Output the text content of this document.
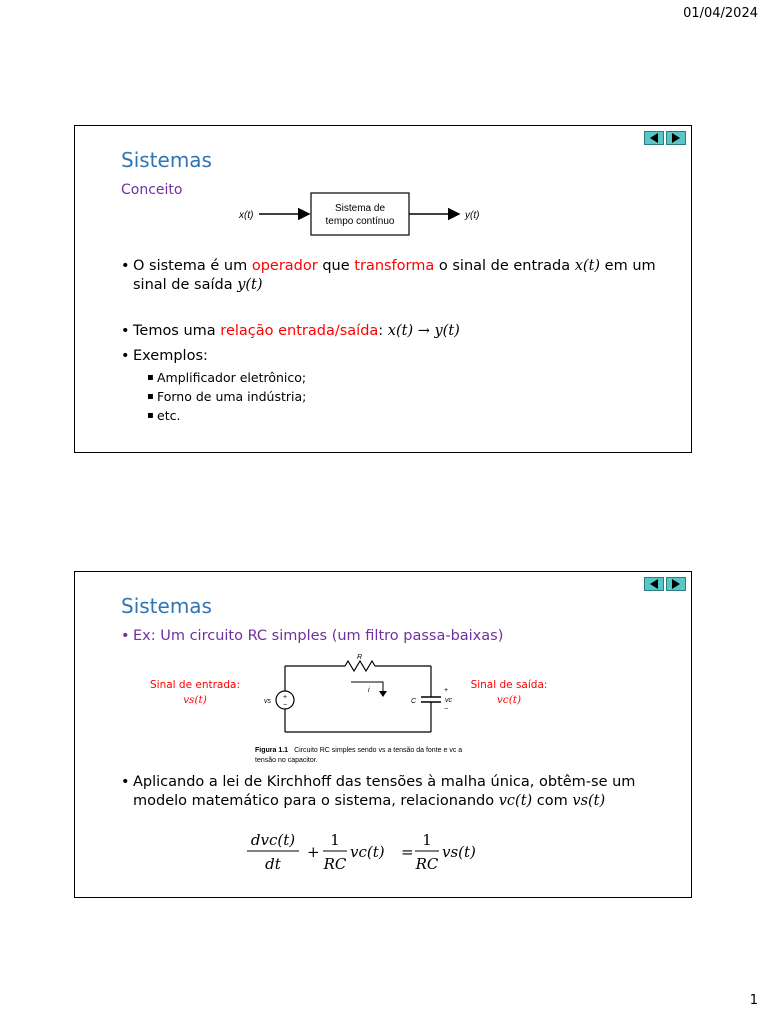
01/04/2024
Sistemas
Conceito
x(t)
Sistema de
tempo contínuo
y(t)
• O sistema é um operador que transforma o sinal de entrada x(t) em um sinal de saída y(t)
• Temos uma relação entrada/saída: x(t) → y(t)
• Exemplos:
▪ Amplificador eletrônico;
▪ Forno de uma indústria;
▪ etc.
Sistemas
• Ex: Um circuito RC simples (um filtro passa-baixas)
Sinal de entrada:
vs(t)
Sinal de saída:
vc(t)
R
+
−
vs	C
+
vc
−
i
Figura 1.1 Circuito RC simples sendo vs a tensão da fonte e vc a
tensão no capacitor.
• Aplicando a lei de Kirchhoff das tensões à malha única, obtêm-se um modelo matemático para o sistema, relacionando vc(t) com vs(t)
dvc(t)
dt
+
1
RC
vc(t) =
1
RC
vs(t)
1
